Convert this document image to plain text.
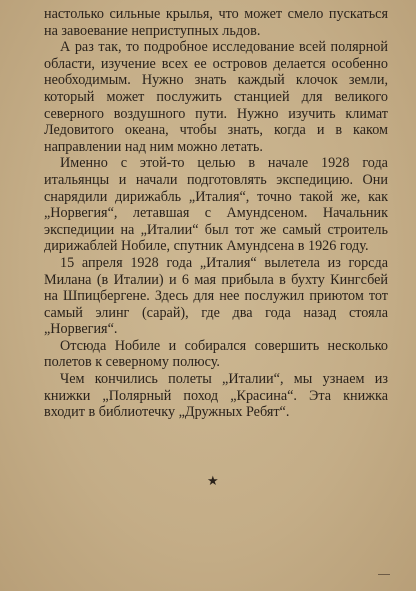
настолько сильные крылья, что может смело пускаться на завоевание неприступных льдов.

А раз так, то подробное исследование всей полярной области, изучение всех ее островов делается особенно необходимым. Нужно знать каждый клочок земли, который может послужить станцией для великого северного воздушного пути. Нужно изучить климат Ледовитого океана, чтобы знать, когда и в каком направлении над ним можно летать.

Именно с этой-то целью в начале 1928 года итальянцы и начали подготовлять экспедицию. Они снарядили дирижабль „Италия“, точно такой же, как „Норвегия“, летавшая с Амундсеном. Начальник экспедиции на „Италии“ был тот же самый строитель дирижаблей Нобиле, спутник Амундсена в 1926 году.

15 апреля 1928 года „Италия“ вылетела из горсда Милана (в Италии) и 6 мая прибыла в бухту Кингсбей на Шпицбергене. Здесь для нее послужил приютом тот самый элинг (сарай), где два года назад стояла „Норвегия“.

Отсюда Нобиле и собирался совершить несколько полетов к северному полюсу.

Чем кончились полеты „Италии“, мы узнаем из книжки „Полярный поход „Красина“. Эта книжка входит в библиотечку „Дружных Ребят“.

★
